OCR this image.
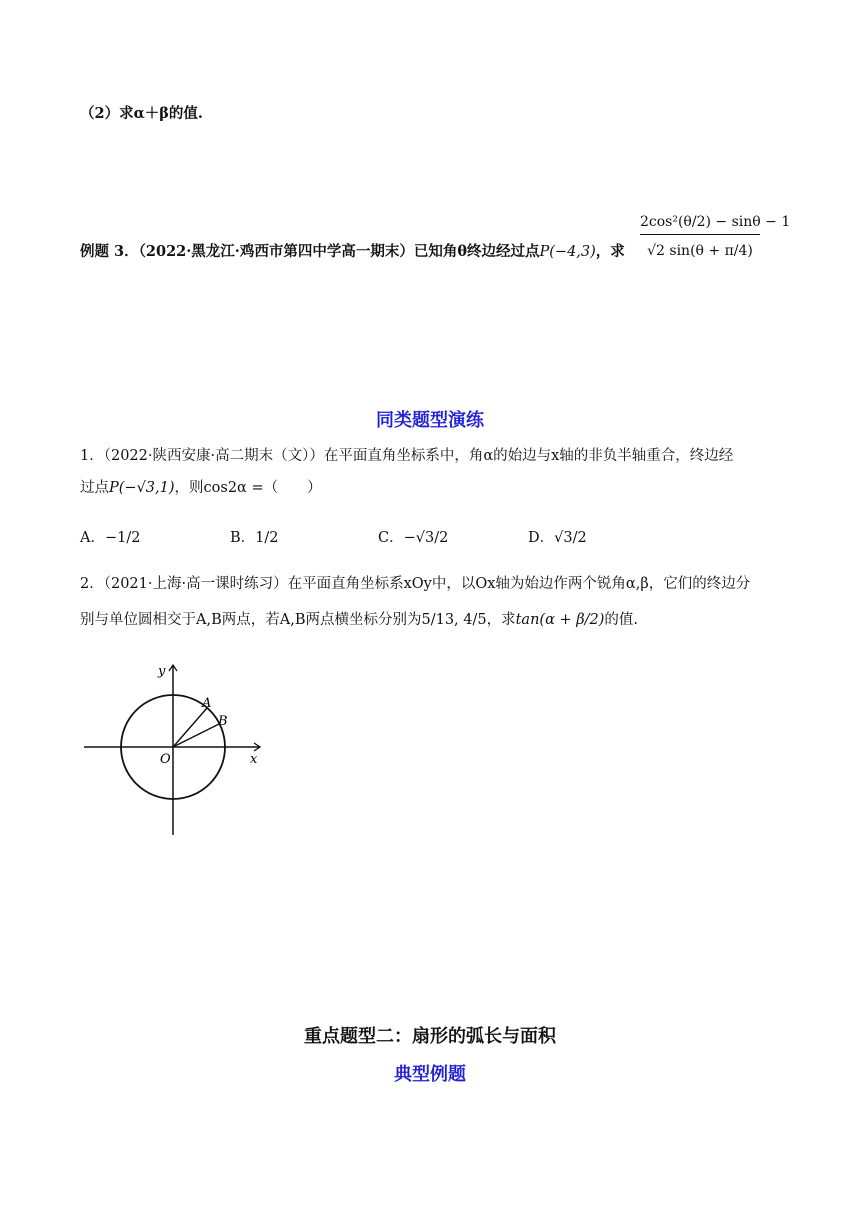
（2）求α＋β的值.
例题 3．（2022·黑龙江·鸡西市第四中学高一期末）已知角θ终边经过点P(−4,3)，求 $\frac{\text{2cos²(θ/2) − sinθ − 1}}{√2 \sin(\theta + \pi/4)}$
同类题型演练
1．（2022·陕西安康·高二期末（文））在平面直角坐标系中，角α的始边与x轴的非负半轴重合，终边经
过点P(−√3,1)，则cos2α =（　　）
A．−1/2	B．1/2	C．−√3/2	D．√3/2
2．（2021·上海·高一课时练习）在平面直角坐标系xOy中，以Ox轴为始边作两个锐角α,β，它们的终边分
别与单位圆相交于A,B两点，若A,B两点横坐标分别为5/13, 4/5，求tan(α + β/2)的值.
y
x
O
A
B
重点题型二：扇形的弧长与面积
典型例题
